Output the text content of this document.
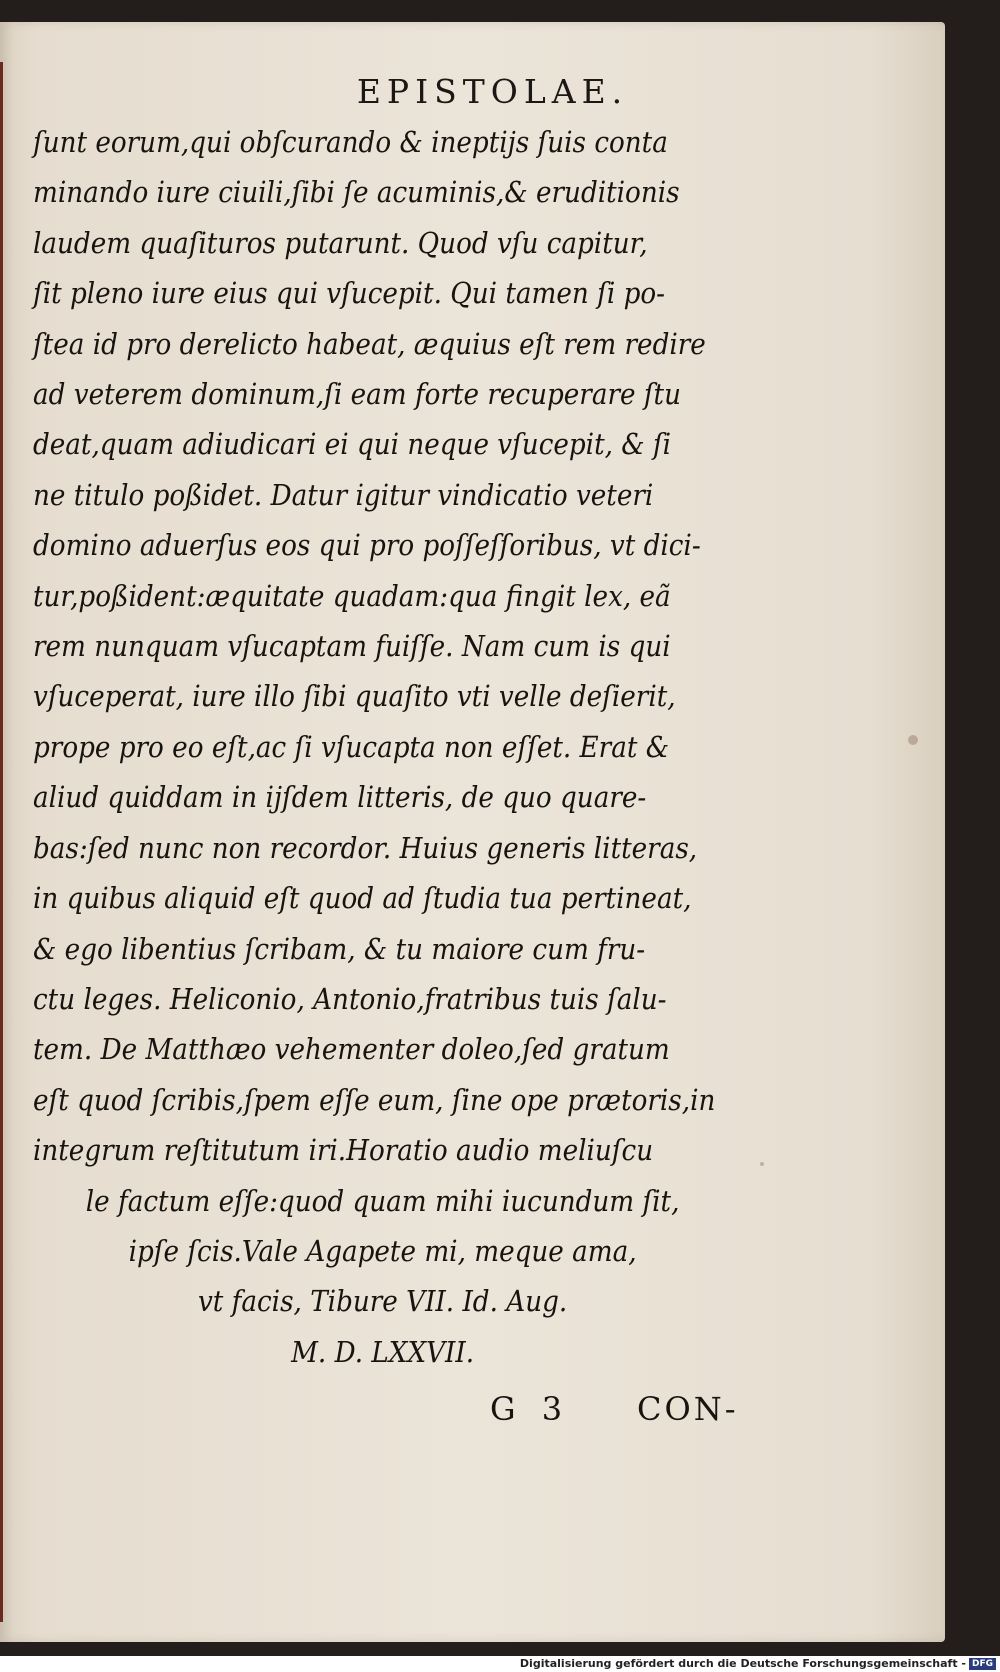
EPISTOLAE.
ſunt eorum,qui obſcurando & ineptijs ſuis conta
minando iure ciuili,ſibi ſe acuminis,& eruditionis
laudem quaſituros putarunt. Quod vſu capitur,
ſit pleno iure eius qui vſucepit. Qui tamen ſi po-
ſtea id pro derelicto habeat, æquius eſt rem redire
ad veterem dominum,ſi eam forte recuperare ſtu
deat,quam adiudicari ei qui neque vſucepit, & ſi
ne titulo poßidet. Datur igitur vindicatio veteri
domino aduerſus eos qui pro poſſeſſoribus, vt dici-
tur,poßident:æquitate quadam:qua fingit lex, eã
rem nunquam vſucaptam fuiſſe. Nam cum is qui
vſuceperat, iure illo ſibi quaſito vti velle deſierit,
prope pro eo eſt,ac ſi vſucapta non eſſet. Erat &
aliud quiddam in ijſdem litteris, de quo quare-
bas:ſed nunc non recordor. Huius generis litteras,
in quibus aliquid eſt quod ad ſtudia tua pertineat,
& ego libentius ſcribam, & tu maiore cum fru-
ctu leges. Heliconio, Antonio,fratribus tuis ſalu-
tem. De Matthæo vehementer doleo,ſed gratum
eſt quod ſcribis,ſpem eſſe eum, ſine ope prætoris,in
integrum reſtitutum iri.Horatio audio meliuſcu
le factum eſſe:quod quam mihi iucundum ſit,
ipſe ſcis.Vale Agapete mi, meque ama,
vt facis, Tibure VII. Id. Aug.
M. D. LXXVII.
G 3 CON-
Digitalisierung gefördert durch die Deutsche Forschungsgemeinschaft - DFG
